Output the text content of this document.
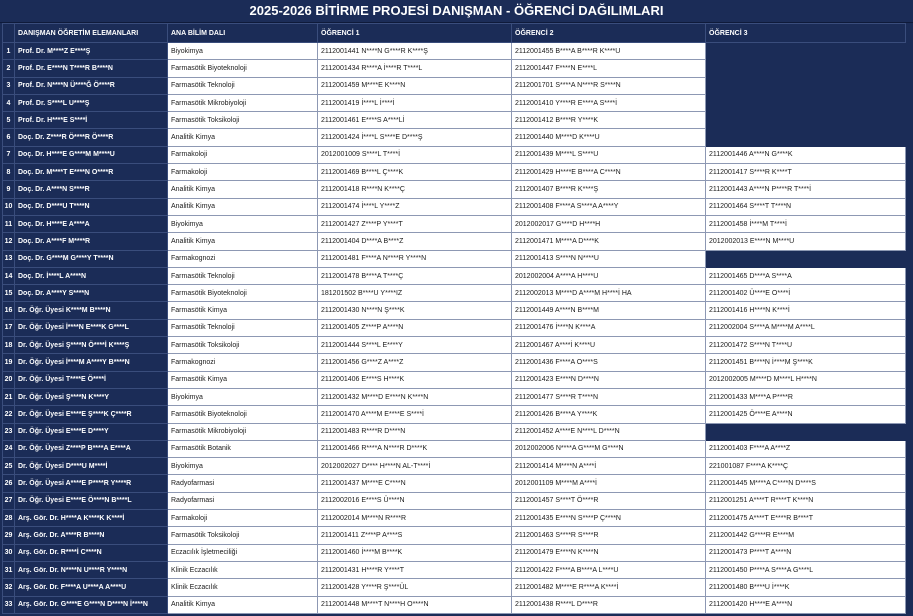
2025-2026 BİTİRME PROJESİ DANIŞMAN - ÖĞRENCİ DAĞILIMLARI
	DANIŞMAN ÖĞRETİM ELEMANLARI	ANA BİLİM DALI	ÖĞRENCİ 1	ÖĞRENCİ 2	ÖĞRENCİ 3
1	Prof. Dr. M****Z E****Ş	Biyokimya	2112001441 N****N G****R K****Ş	2112001455 B****A B****R K****U	
2	Prof. Dr. E****N T****R B****N	Farmasötik Biyoteknoloji	2112001434 R****A İ****R T****L	2112001447 F****N E****L	
3	Prof. Dr. N****N Ü****Ğ Ö****R	Farmasötik Teknoloji	2112001459 M****E K****N	2112001701 S****A N****R S****N	
4	Prof. Dr. S****L U****Ş	Farmasötik Mikrobiyoloji	2112001419 İ****L İ****İ	2112001410 Y****R E****A S****İ	
5	Prof. Dr. H****E S****İ	Farmasötik Toksikoloji	2112001461 E****S A****Lİ	2112001412 B****R Y****K	
6	Doç. Dr. Z****R Ö****R Ö****R	Analitik Kimya	2112001424 İ****L S****E D****Ş	2112001440 M****D K****U	
7	Doç. Dr. H****E G****M M****U	Farmakoloji	2012001009 S****L T****İ	2112001439 M****L S****U	2112001446 A****N G****K
8	Doç. Dr. M****T E****N O****R	Farmakoloji	2112001469 B****L Ç****K	2112001429 H****E B****A C****N	2112001417 S****R K****T
9	Doç. Dr. A****N S****R	Analitik Kimya	2112001418 R****N K****Ç	2112001407 B****R K****Ş	2112001443 A****N P****R T****İ
10	Doç. Dr. D****U T****N	Analitik Kimya	2112001474 İ****L Y****Z	2112001408 F****A S****A A****Y	2112001464 S****T T****N
11	Doç. Dr. H****E A****A	Biyokimya	2112001427 Z****P Y****T	2012002017 G****D H****H	2112001458 İ****M T****İ
12	Doç. Dr. A****F M****R	Analitik Kimya	2112001404 D****A B****Z	2112001471 M****A D****K	2012002013 E****N M****U
13	Doç. Dr. G****M G****Y T****N	Farmakognozi	2112001481 F****A N****R Y****N	2112001413 S****N N****U	
14	Doç. Dr. İ****L A****N	Farmasötik Teknoloji	2112001478 B****A T****Ç	2012002004 A****A H****U	2112001465 D****A S****A
15	Doç. Dr. A****Y S****N	Farmasötik Biyoteknoloji	181201502 B****U Y****IZ	2112002013 M****D A****M H****İ HA	2112001402 Ü****E O****İ
16	Dr. Öğr. Üyesi K****M B****N	Farmasötik Kimya	2112001430 N****N Ş****K	2112001449 A****N B****M	2112001416 H****N K****İ
17	Dr. Öğr. Üyesi İ****N E****K G****L	Farmasötik Teknoloji	2112001405 Z****P A****N	2112001476 İ****N K****A	2112002004 S****A M****M A****L
18	Dr. Öğr. Üyesi Ş****N Ö****İ K****Ş	Farmasötik Toksikoloji	2112001444 S****L E****Y	2112001467 A****İ K****U	2112001472 S****N T****U
19	Dr. Öğr. Üyesi İ****M A****Y B****N	Farmakognozi	2112001456 G****Z A****Z	2112001436 F****A O****S	2112001451 B****N İ****M Ş****K
20	Dr. Öğr. Üyesi T****E Ö****İ	Farmasötik Kimya	2112001406 E****S H****K	2112001423 E****N D****N	2012002005 M****D M****L H****N
21	Dr. Öğr. Üyesi Ş****N K****Y	Biyokimya	2112001432 M****D E****N K****N	2112001477 S****R T****N	2112001433 M****A P****R
22	Dr. Öğr. Üyesi E****E Ş****K Ç****R	Farmasötik Biyoteknoloji	2112001470 A****M E****E S****İ	2112001426 B****A Y****K	2112001425 Ö****E A****N
23	Dr. Öğr. Üyesi E****E D****Y	Farmasötik Mikrobiyoloji	2112001483 R****R D****N	2112001452 A****E N****L D****N	
24	Dr. Öğr. Üyesi Z****P B****A E****A	Farmasötik Botanik	2112001466 R****A N****R D****K	2012002006 N****A G****M G****N	2112001403 F****A A****Z
25	Dr. Öğr. Üyesi D****U M****İ	Biyokimya	2012002027 D**** H****N AL-T****İ	2112001414 M****N A****İ	221001087 F****A K****Ç
26	Dr. Öğr. Üyesi A****E P****R Y****R	Radyofarmasi	2112001437 M****E C****N	2012001109 M****M A****İ	2112001445 M****A C****N D****S
27	Dr. Öğr. Üyesi E****E Ö****N B****L	Radyofarmasi	2112002016 E****S Ü****N	2112001457 S****T Ö****R	2112001251 A****T R****T K****N
28	Arş. Gör. Dr. H****A K****K K****İ	Farmakoloji	2112002014 M****N R****R	2112001435 E****N S****P Ç****N	2112001475 A****T E****R B****T
29	Arş. Gör. Dr. A****R B****N	Farmasötik Toksikoloji	2112001411 Z****P A****S	2112001463 S****R S****R	2112001442 G****R E****M
30	Arş. Gör. Dr. R****İ C****N	Eczacılık İşletmeciliği	2112001460 İ****M B****K	2112001479 E****N K****N	2112001473 P****T A****N
31	Arş. Gör. Dr. N****N U****R Y****N	Klinik Eczacılık	2112001431 H****R Y****T	2112001422 F****A B****A L****U	2112001450 P****A S****A G****L
32	Arş. Gör. Dr. F****A U****A A****U	Klinik Eczacılık	2112001428 Y****R Ş****ÜL	2112001482 M****E R****A K****İ	2112001480 B****U İ****K
33	Arş. Gör. Dr. G****E G****N D****N İ****N	Analitik Kimya	2112001448 M****T N****H O****N	2112001438 R****L D****R	2112001420 H****E A****N
